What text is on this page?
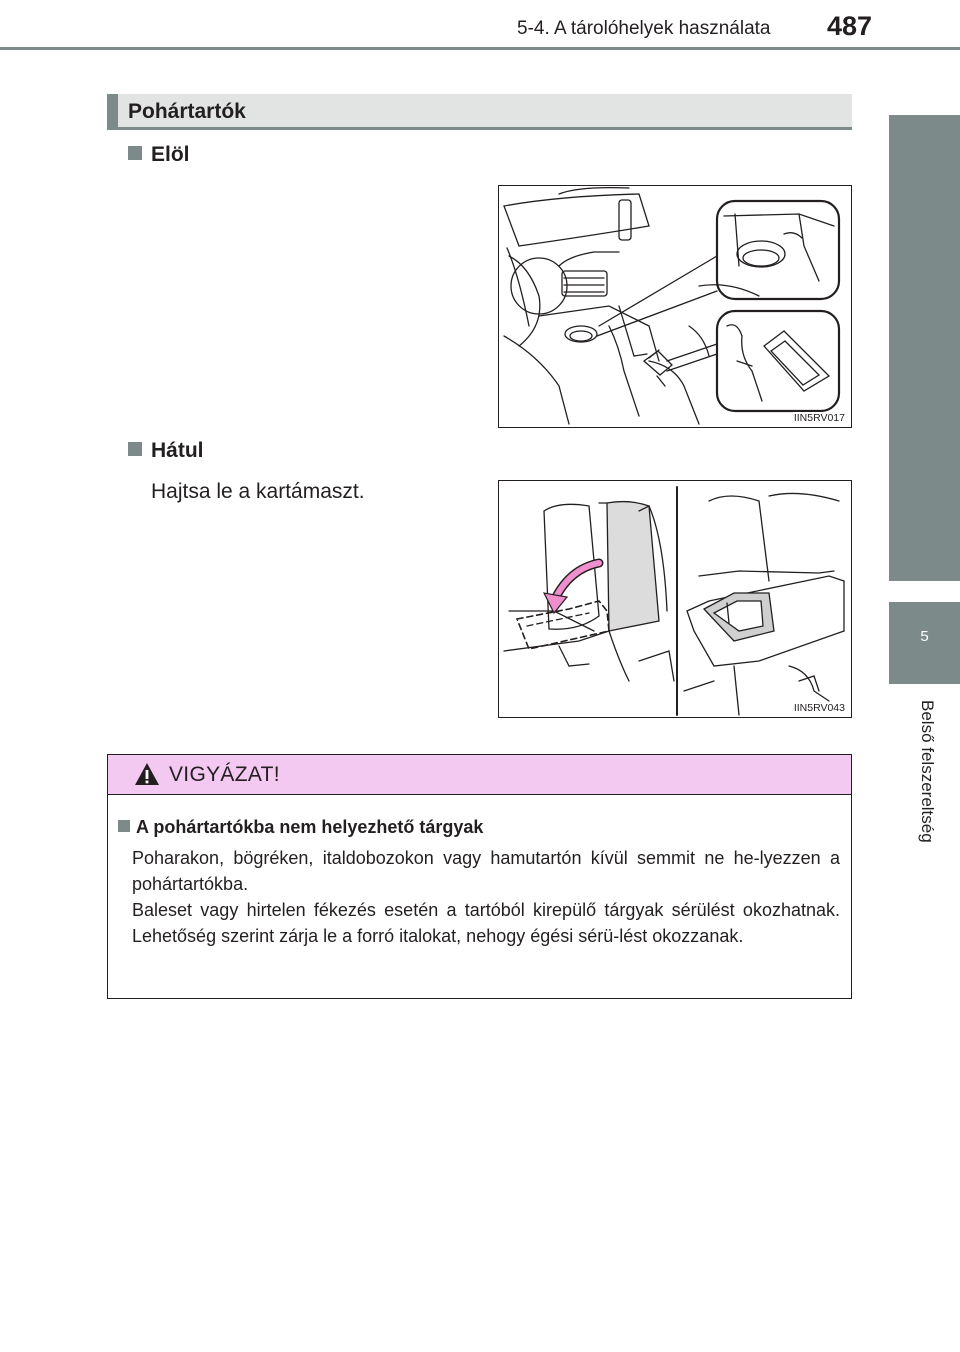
5-4. A tárolóhelyek használata 487
5
Belső felszereltség
Pohártartók
Elöl
IIN5RV017
Hátul
Hajtsa le a kartámaszt.
IIN5RV043
VIGYÁZAT!
A pohártartókba nem helyezhető tárgyak

Poharakon, bögréken, italdobozokon vagy hamutartón kívül semmit ne he-lyezzen a pohártartókba.

Baleset vagy hirtelen fékezés esetén a tartóból kirepülő tárgyak sérülést okozhatnak. Lehetőség szerint zárja le a forró italokat, nehogy égési sérü-lést okozzanak.
